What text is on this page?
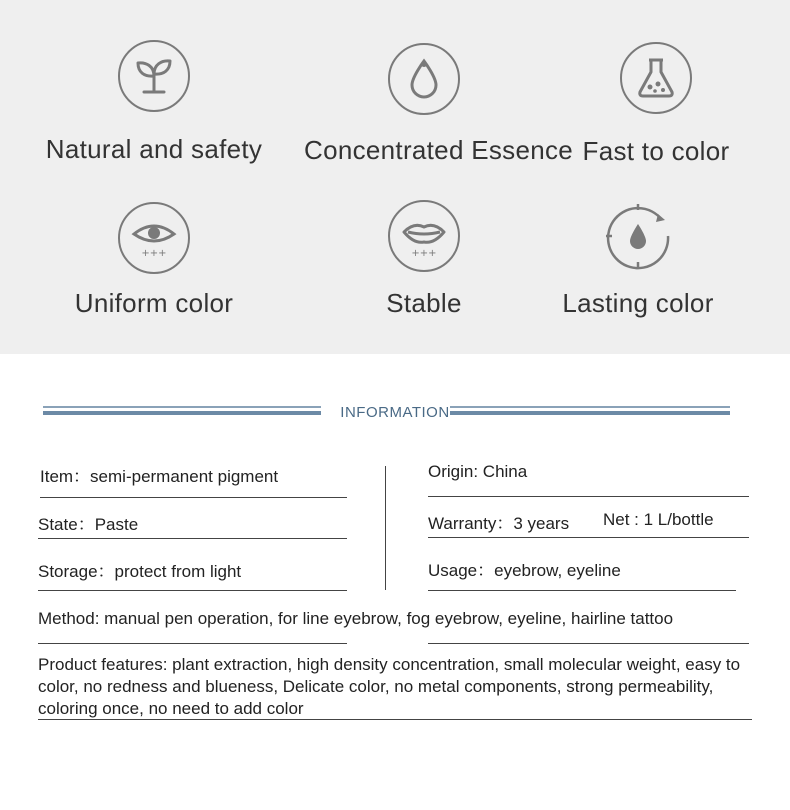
Natural and safety	Concentrated Essence Fast to color
+++
Uniform color
+++
Stable	Lasting color
INFORMATION
Item：semi-permanent pigment	Origin: China
State：Paste	Warranty：3 years Net : 1 L/bottle
Storage：protect from light	Usage：eyebrow, eyeline
Method: manual pen operation, for line eyebrow, fog eyebrow, eyeline, hairline tattoo
Product features: plant extraction, high density concentration, small molecular weight, easy to color, no redness and blueness, Delicate color, no metal components, strong permeability, coloring once, no need to add color
